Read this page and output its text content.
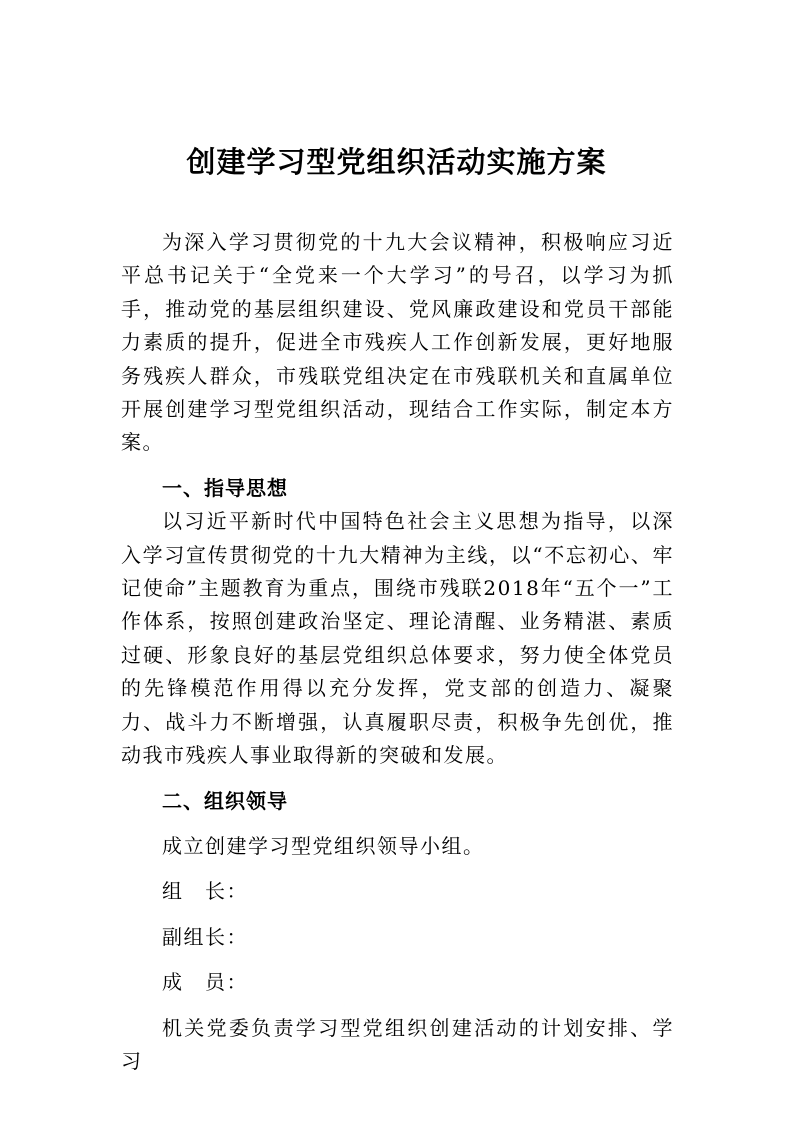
创建学习型党组织活动实施方案

为深入学习贯彻党的十九大会议精神，积极响应习近平总书记关于“全党来一个大学习”的号召，以学习为抓手，推动党的基层组织建设、党风廉政建设和党员干部能力素质的提升，促进全市残疾人工作创新发展，更好地服务残疾人群众，市残联党组决定在市残联机关和直属单位开展创建学习型党组织活动，现结合工作实际，制定本方案。

一、指导思想

以习近平新时代中国特色社会主义思想为指导，以深入学习宣传贯彻党的十九大精神为主线，以“不忘初心、牢记使命”主题教育为重点，围绕市残联2018年“五个一”工作体系，按照创建政治坚定、理论清醒、业务精湛、素质过硬、形象良好的基层党组织总体要求，努力使全体党员的先锋模范作用得以充分发挥，党支部的创造力、凝聚力、战斗力不断增强，认真履职尽责，积极争先创优，推动我市残疾人事业取得新的突破和发展。

二、组织领导

成立创建学习型党组织领导小组。

组　长：

副组长：

成　员：

机关党委负责学习型党组织创建活动的计划安排、学习
